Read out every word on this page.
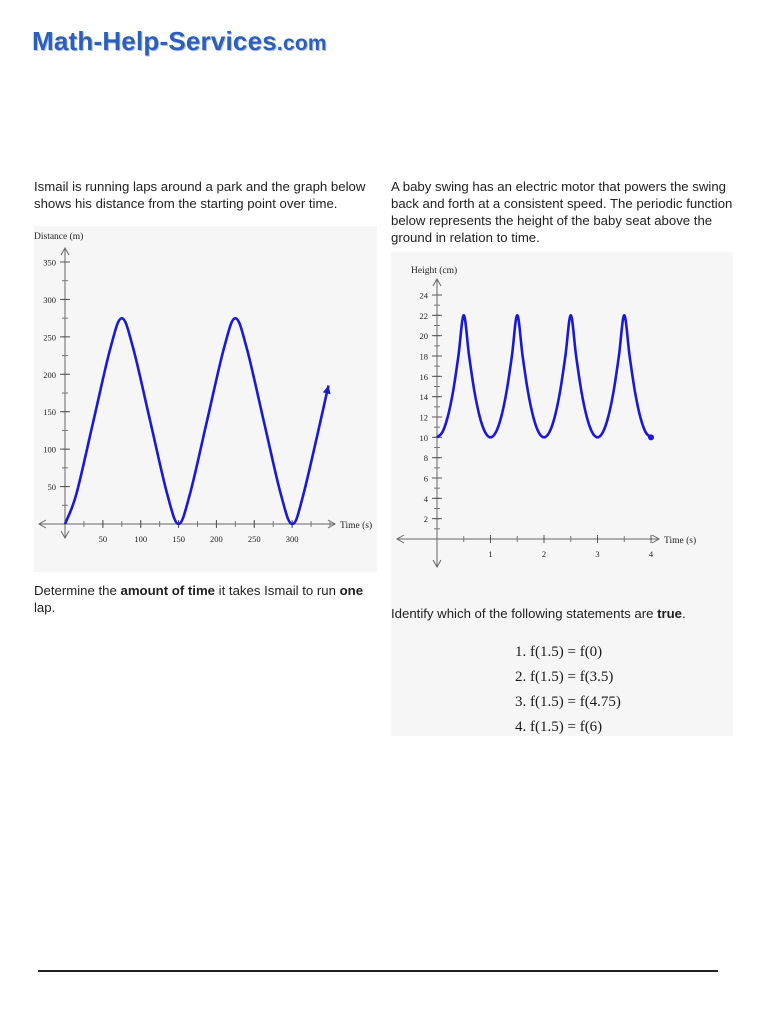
Math-Help-Services.com
Ismail is running laps around a park and the graph below shows his distance from the starting point over time.
50	100	150	200	250	300
50
100
150
200
250
300
350
Distance (m)
Time (s)
Determine the amount of time it takes Ismail to run one lap.
A baby swing has an electric motor that powers the swing back and forth at a consistent speed. The periodic function below represents the height of the baby seat above the ground in relation to time.
1	2	3	4
2
4
6
8
10
12
14
16
18
20
22
24
Height (cm)
Time (s)
Identify which of the following statements are true.
1. f(1.5) = f(0)
2. f(1.5) = f(3.5)
3. f(1.5) = f(4.75)
4. f(1.5) = f(6)
